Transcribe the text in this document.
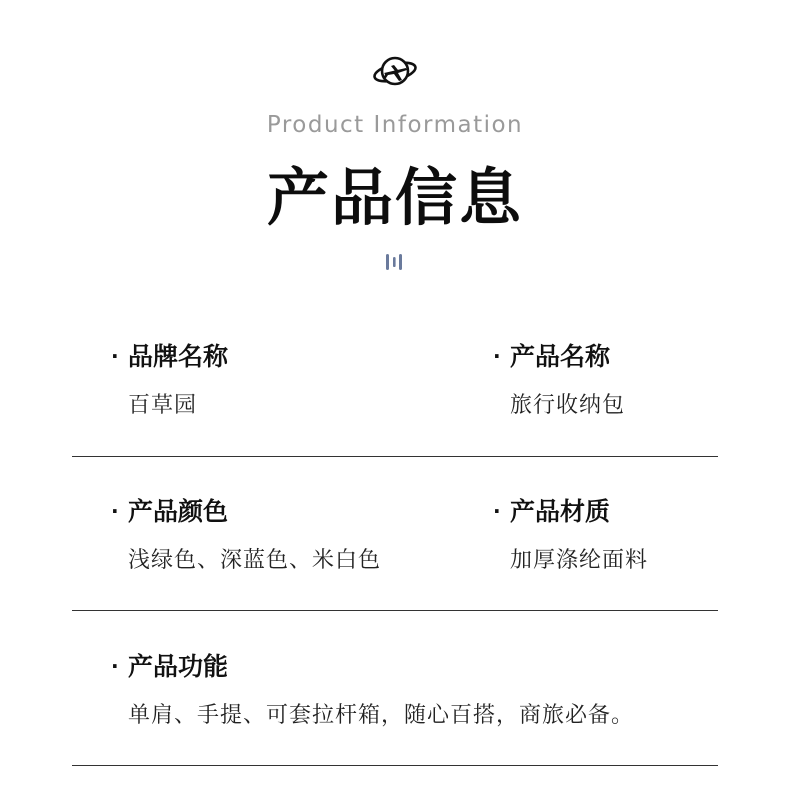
Product Information
产品信息
· 品牌名称
百草园
· 产品名称
旅行收纳包
· 产品颜色
浅绿色、深蓝色、米白色
· 产品材质
加厚涤纶面料
· 产品功能
单肩、手提、可套拉杆箱，随心百搭，商旅必备。
